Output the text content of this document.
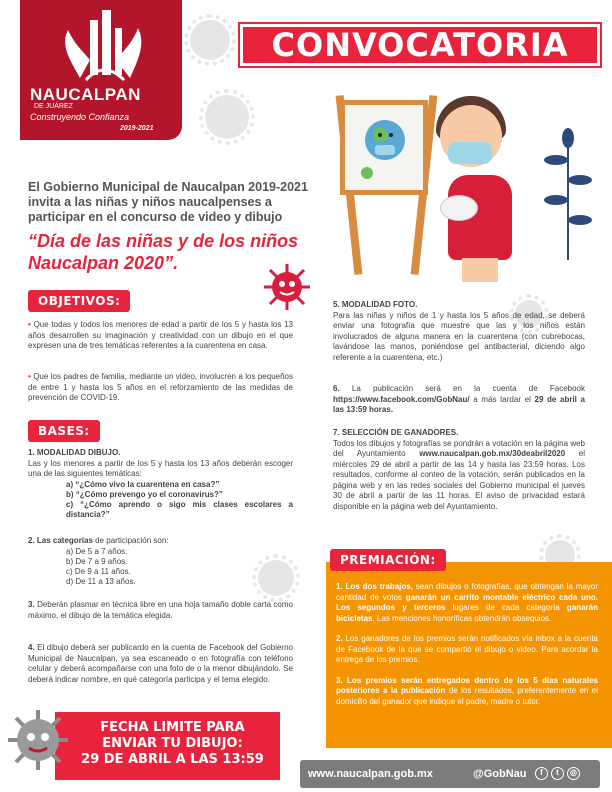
NAUCALPAN
DE JUÁREZ
Construyendo Confianza
2019-2021
CONVOCATORIA
El Gobierno Municipal de Naucalpan 2019-2021 invita a las niñas y niños naucalpenses a participar en el concurso de video y dibujo
“Día de las niñas y de los niños Naucalpan 2020”.
OBJETIVOS:
• Que todas y todos los menores de edad a partir de los 5 y hasta los 13 años desarrollen su imaginación y creatividad con un dibujo en el que expresen una de tres temáticas referentes a la cuarentena en casa.
• Que los padres de familia, mediante un video, involucren a los pequeños de entre 1 y hasta los 5 años en el reforzamiento de las medidas de prevención de COVID-19.
BASES:
1. MODALIDAD DIBUJO.
Las y los menores a partir de los 5 y hasta los 13 años deberán escoger una de las siguientes temáticas:
a) “¿Cómo vivo la cuarentena en casa?”
b) “¿Cómo prevengo yo el coronavirus?”
c) “¿Cómo aprendo o sigo mis clases escolares a distancia?”
2. Las categorías de participación son:
a) De 5 a 7 años.
b) De 7 a 9 años.
c) De 9 a 11 años.
d) De 11 a 13 años.
3. Deberán plasmar en técnica libre en una hoja tamaño doble carta como máximo, el dibujo de la temática elegida.
4. El dibujo deberá ser publicardo en la cuenta de Facebook del Gobierno Municipal de Naucalpan, ya sea escaneado o en fotografía con teléfono celular y deberá acompañarse con una foto de o la menor dibujándolo. Se deberá indicar nombre, en qué categoría participa y el tema elegido.
5. MODALIDAD FOTO.
Para las niñas y niños de 1 y hasta los 5 años de edad, se deberá enviar una fotografía que muestre que las y los niños están involucrados de alguna manera en la cuarentena (con cubrebocas, lavándose las manos, poniéndose gel antibacterial, diciendo algo referente a la cuarentena, etc.)
6. La publicación será en la cuenta de Facebook https://www.facebook.com/GobNau/ a más tardar el 29 de abril a las 13:59 horas.
7. SELECCIÓN DE GANADORES.
Todos los dibujos y fotografías se pondrán a votación en la página web del Ayuntamiento www.naucalpan.gob.mx/30deabril2020 el miércoles 29 de abril a partir de las 14 y hasta las 23:59 horas. Los resultados, conforme al conteo de la votación, serán publicados en la página web y en las redes sociales del Gobierno municipal el jueves 30 de abril a partir de las 11 horas. El aviso de privacidad estará disponible en la página web del Ayuntamiento.
PREMIACIÓN:

1. Los dos trabajos, sean dibujos o fotografías, que obtengan la mayor cantidad de votos ganarán un carrito montable eléctrico cada uno. Los segundos y terceros lugares de cada categoría ganarán bicicletas. Las menciones honoríficas obtendrán obsequios.

2. Los ganadores de los premios serán notificados vía inbox a la cuenta de Facebook de la que se compartió el dibujo o video. Para acordar la entrega de los premios.

3. Los premios serán entregados dentro de los 5 días naturales posteriores a la publicación de los resultados, preferentemente en el domicilio del ganador que indique el padre, madre o tutor.

FECHA LIMITE PARA
ENVIAR TU DIBUJO:
29 DE ABRIL A LAS 13:59
www.naucalpan.gob.mx	@GobNau	f	t	◎
